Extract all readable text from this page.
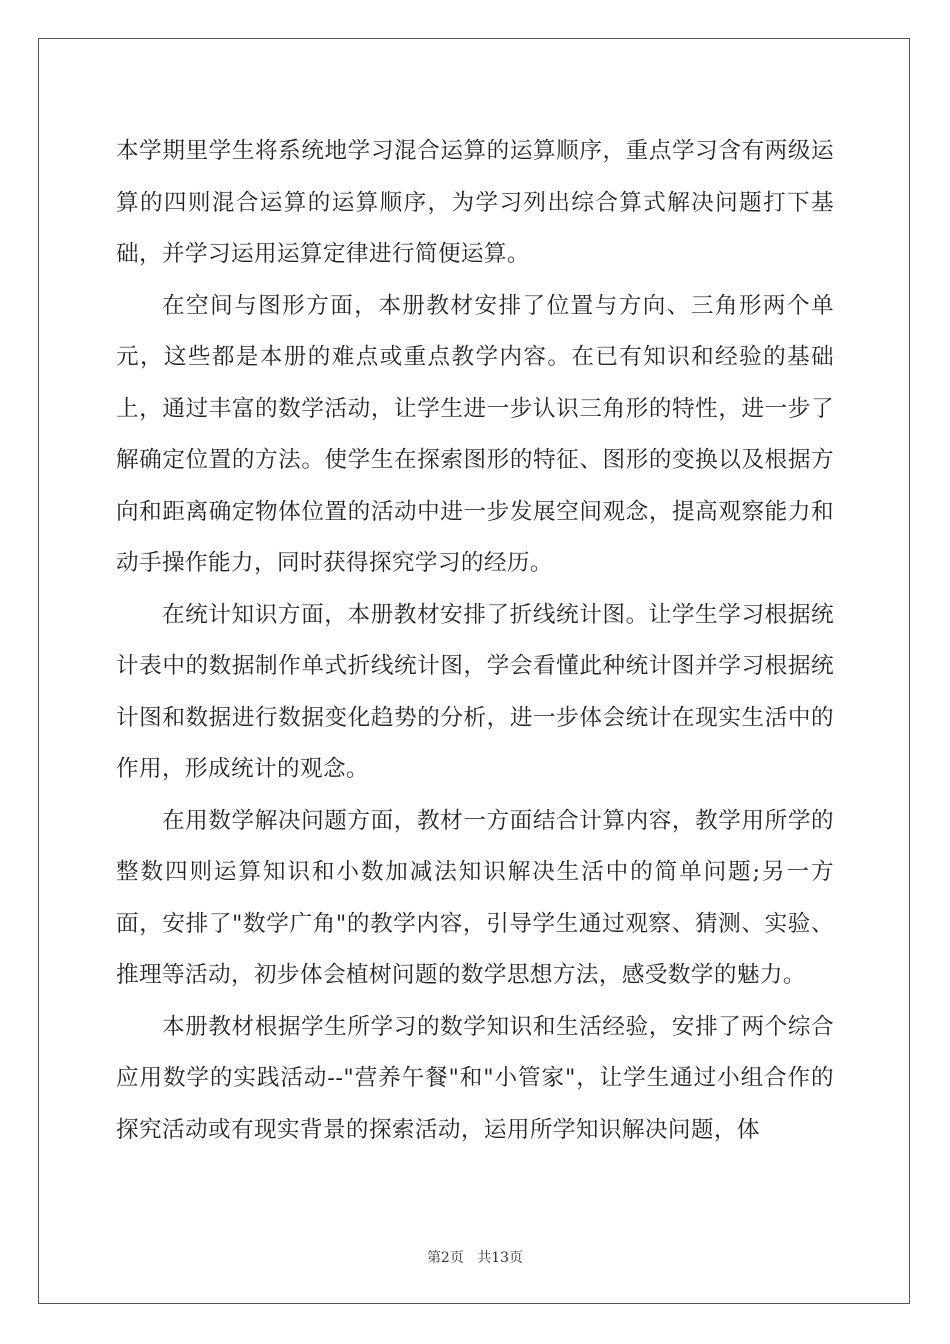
本学期里学生将系统地学习混合运算的运算顺序，重点学习含有两级运算的四则混合运算的运算顺序，为学习列出综合算式解决问题打下基础，并学习运用运算定律进行简便运算。

在空间与图形方面，本册教材安排了位置与方向、三角形两个单元，这些都是本册的难点或重点教学内容。在已有知识和经验的基础上，通过丰富的数学活动，让学生进一步认识三角形的特性，进一步了解确定位置的方法。使学生在探索图形的特征、图形的变换以及根据方向和距离确定物体位置的活动中进一步发展空间观念，提高观察能力和动手操作能力，同时获得探究学习的经历。

在统计知识方面，本册教材安排了折线统计图。让学生学习根据统计表中的数据制作单式折线统计图，学会看懂此种统计图并学习根据统计图和数据进行数据变化趋势的分析，进一步体会统计在现实生活中的作用，形成统计的观念。

在用数学解决问题方面，教材一方面结合计算内容，教学用所学的整数四则运算知识和小数加减法知识解决生活中的简单问题;另一方面，安排了"数学广角"的教学内容，引导学生通过观察、猜测、实验、推理等活动，初步体会植树问题的数学思想方法，感受数学的魅力。

本册教材根据学生所学习的数学知识和生活经验，安排了两个综合应用数学的实践活动--"营养午餐"和"小管家"，让学生通过小组合作的探究活动或有现实背景的探索活动，运用所学知识解决问题，体

第2页 共13页
